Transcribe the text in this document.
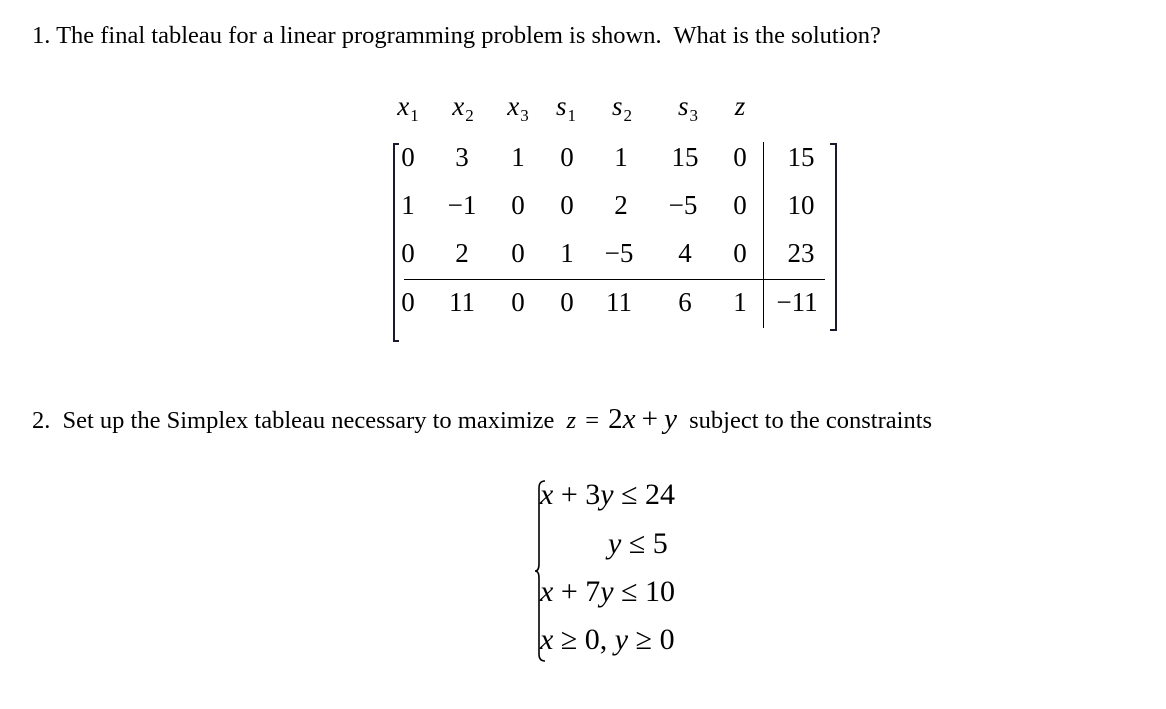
1. The final tableau for a linear programming problem is shown.  What is the solution?
$x_1$ $x_2$ $x_3$ $s_1$ $s_2$ $s_3$ z
0 3 1 0 1 15 0 15
1 −1 0 0 2 −5 0 10
0 2 0 1 −5 4 0 23
0 11 0 0 11 6 1 −11
2. Set up the Simplex tableau necessary to maximize z = 2x + y subject to the constraints
x + 3y ≤ 24
y ≤ 5
x + 7y ≤ 10
x ≥ 0, y ≥ 0
